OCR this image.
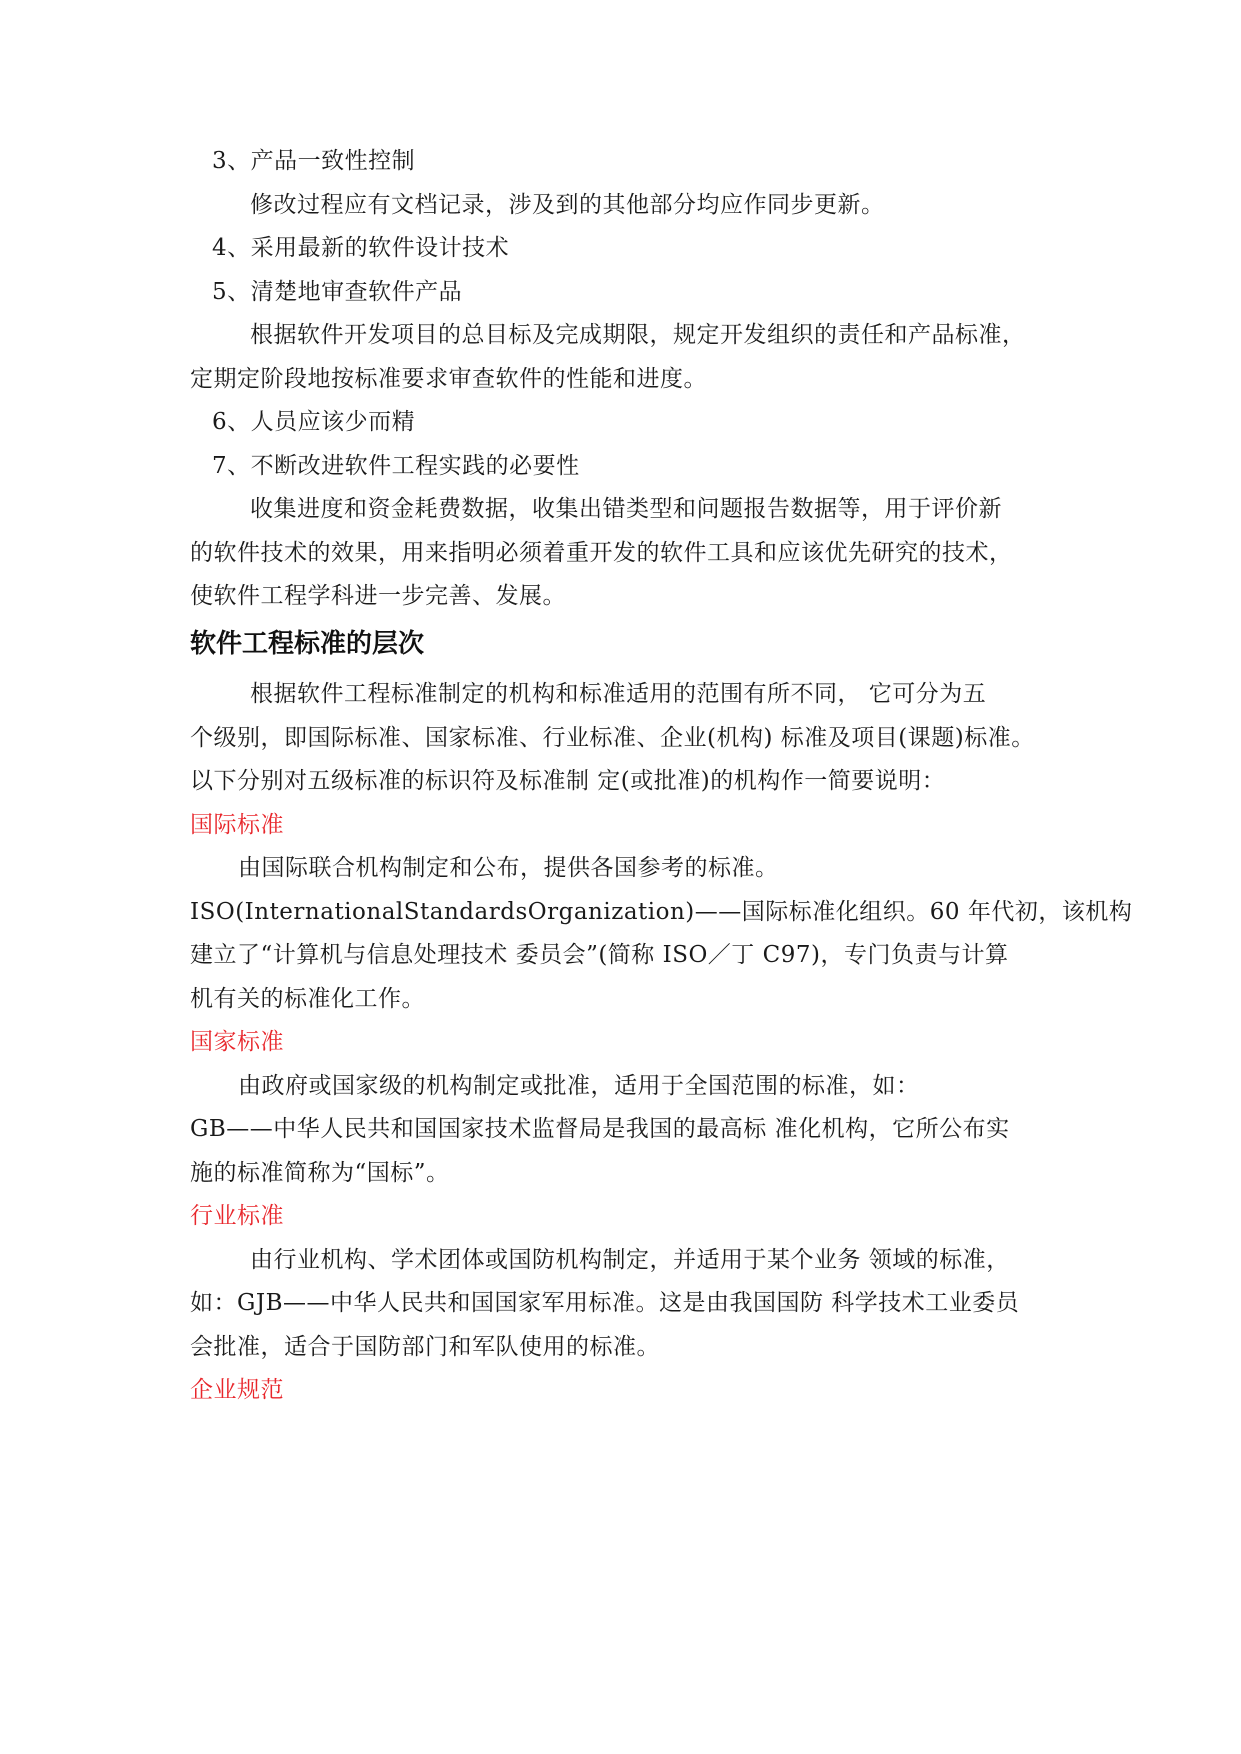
3、产品一致性控制
修改过程应有文档记录，涉及到的其他部分均应作同步更新。
4、采用最新的软件设计技术
5、清楚地审查软件产品
根据软件开发项目的总目标及完成期限，规定开发组织的责任和产品标准，
定期定阶段地按标准要求审查软件的性能和进度。
6、人员应该少而精
7、不断改进软件工程实践的必要性
收集进度和资金耗费数据，收集出错类型和问题报告数据等，用于评价新
的软件技术的效果，用来指明必须着重开发的软件工具和应该优先研究的技术，
使软件工程学科进一步完善、发展。
软件工程标准的层次
根据软件工程标准制定的机构和标准适用的范围有所不同， 它可分为五
个级别，即国际标准、国家标准、行业标准、企业(机构) 标准及项目(课题)标准。
以下分别对五级标准的标识符及标准制 定(或批准)的机构作一简要说明：
国际标准
由国际联合机构制定和公布，提供各国参考的标准。
ISO(InternationalStandardsOrganization)——国际标准化组织。60 年代初，该机构
建立了“计算机与信息处理技术 委员会”(简称 ISO／丁 C97)，专门负责与计算
机有关的标准化工作。
国家标准
由政府或国家级的机构制定或批准，适用于全国范围的标准，如：
GB——中华人民共和国国家技术监督局是我国的最高标 准化机构，它所公布实
施的标准简称为“国标”。
行业标准
由行业机构、学术团体或国防机构制定，并适用于某个业务 领域的标准，
如：GJB——中华人民共和国国家军用标准。这是由我国国防 科学技术工业委员
会批准，适合于国防部门和军队使用的标准。
企业规范
